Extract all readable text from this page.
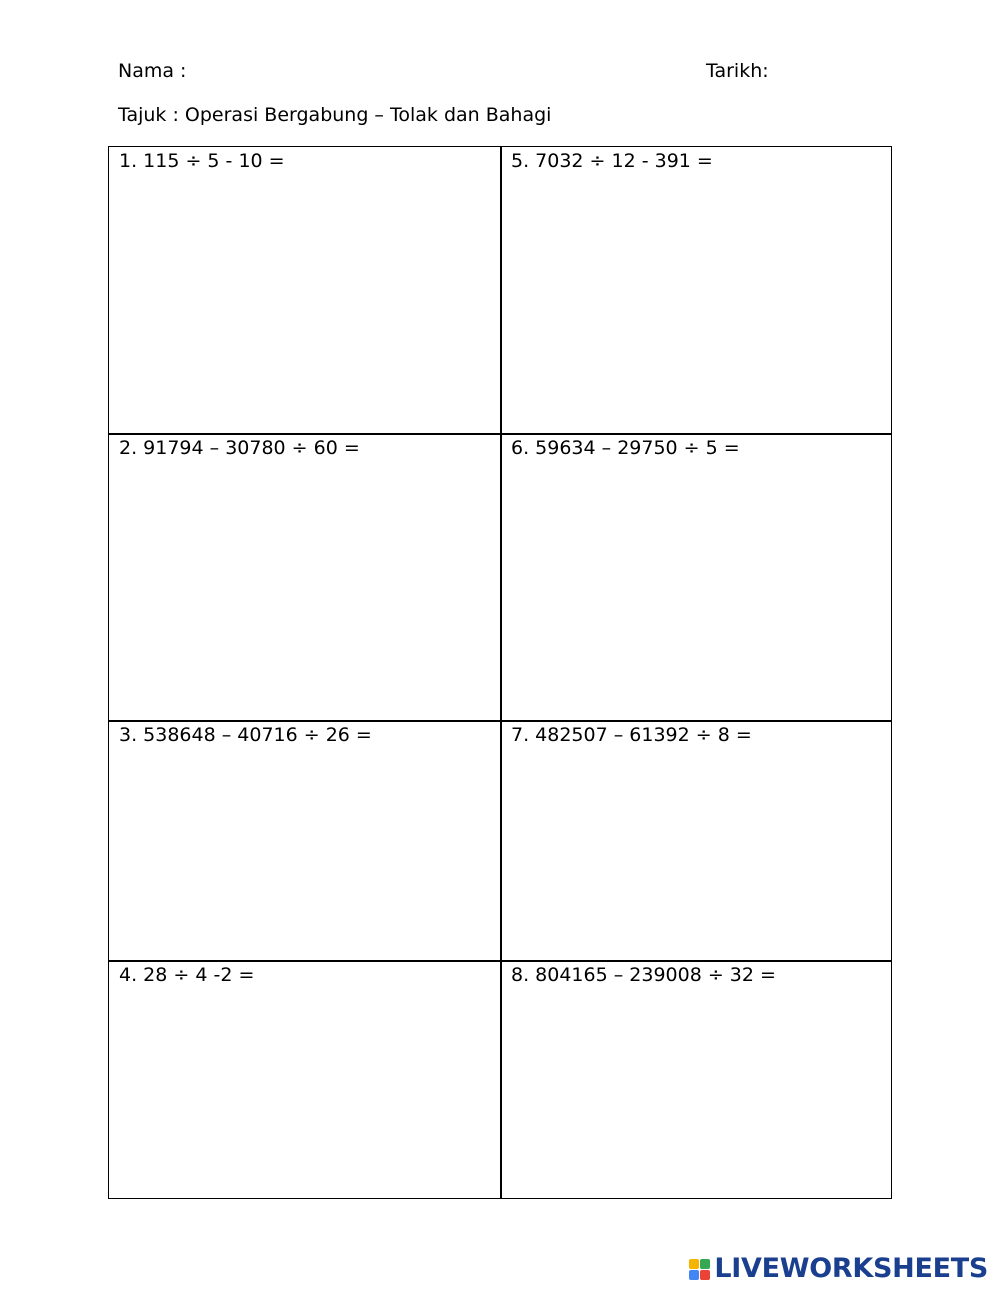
Nama :	Tarikh:
Tajuk : Operasi Bergabung – Tolak dan Bahagi
1. 115 ÷ 5 - 10 =
2. 91794 – 30780 ÷ 60 =
3. 538648 – 40716 ÷ 26 =
4. 28 ÷ 4 -2 =
5. 7032 ÷ 12 - 391 =
6. 59634 – 29750 ÷ 5 =
7. 482507 – 61392 ÷ 8 =
8. 804165 – 239008 ÷ 32 =
LIVEWORKSHEETS
